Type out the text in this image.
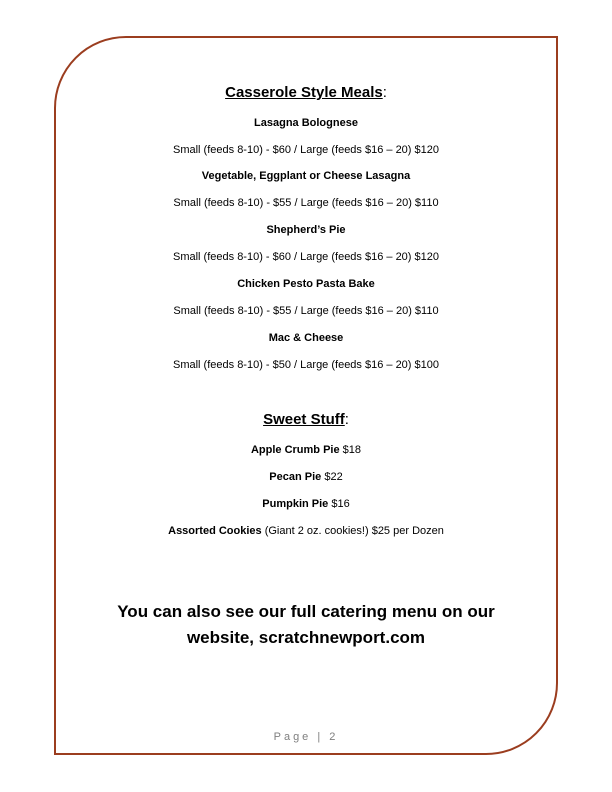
Casserole Style Meals:

Lasagna Bolognese

Small (feeds 8-10) - $60 / Large (feeds $16 – 20) $120

Vegetable, Eggplant or Cheese Lasagna

Small (feeds 8-10) - $55 / Large (feeds $16 – 20) $110

Shepherd’s Pie

Small (feeds 8-10) - $60 / Large (feeds $16 – 20) $120

Chicken Pesto Pasta Bake

Small (feeds 8-10) - $55 / Large (feeds $16 – 20) $110

Mac & Cheese

Small (feeds 8-10) - $50 / Large (feeds $16 – 20) $100

Sweet Stuff:

Apple Crumb Pie $18

Pecan Pie $22

Pumpkin Pie $16

Assorted Cookies (Giant 2 oz. cookies!) $25 per Dozen

You can also see our full catering menu on our

website, scratchnewport.com

Page | 2
